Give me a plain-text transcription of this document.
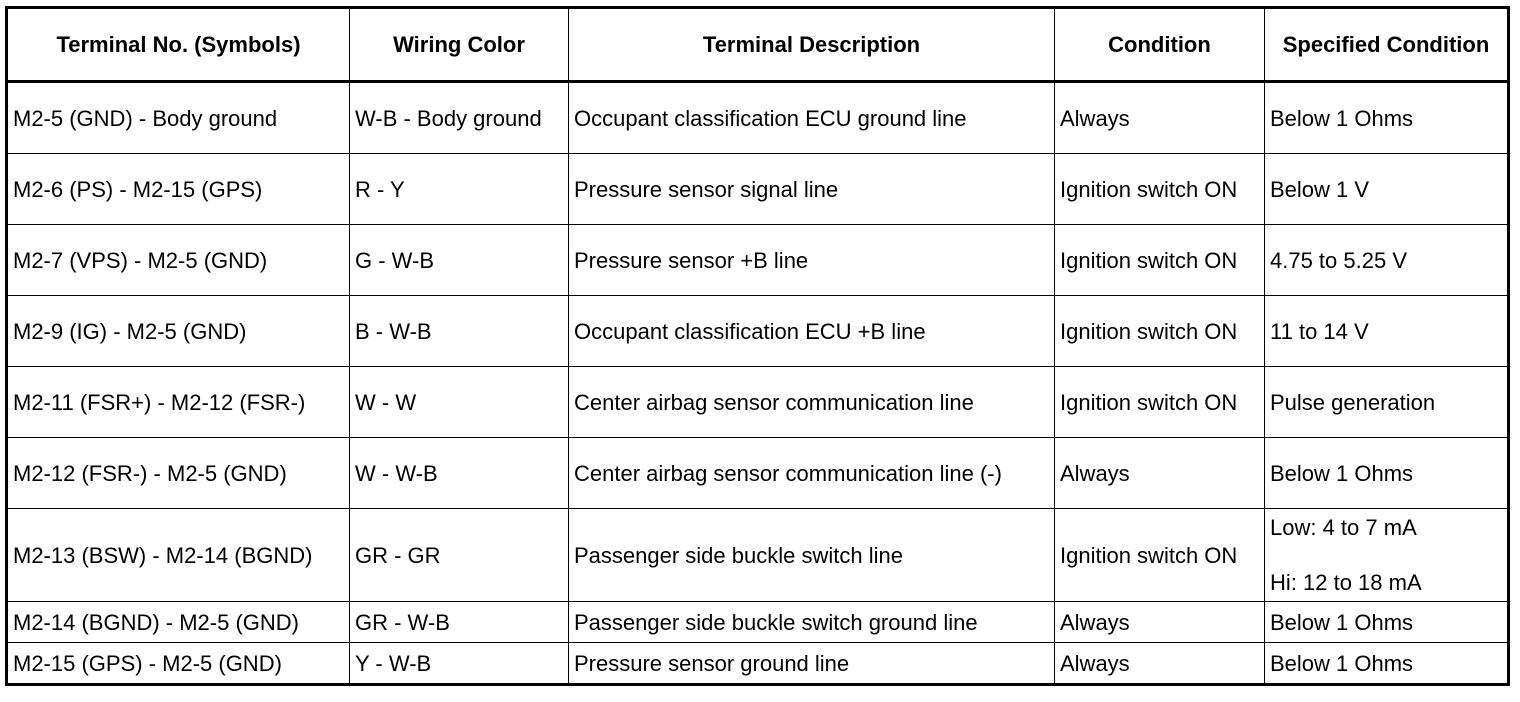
Terminal No. (Symbols)	Wiring Color	Terminal Description	Condition	Specified Condition
M2-5 (GND) - Body ground	W-B - Body ground	Occupant classification ECU ground line	Always	Below 1 Ohms

M2-6 (PS) - M2-15 (GPS)	R - Y	Pressure sensor signal line	Ignition switch ON	Below 1 V

M2-7 (VPS) - M2-5 (GND)	G - W-B	Pressure sensor +B line	Ignition switch ON	4.75 to 5.25 V

M2-9 (IG) - M2-5 (GND)	B - W-B	Occupant classification ECU +B line	Ignition switch ON	11 to 14 V

M2-11 (FSR+) - M2-12 (FSR-)	W - W	Center airbag sensor communication line	Ignition switch ON	Pulse generation

M2-12 (FSR-) - M2-5 (GND)	W - W-B	Center airbag sensor communication line (-)	Always	Below 1 Ohms

M2-13 (BSW) - M2-14 (BGND)	GR - GR	Passenger side buckle switch line	Ignition switch ON	Low: 4 to 7 mA
Hi: 12 to 18 mA

M2-14 (BGND) - M2-5 (GND)	GR - W-B	Passenger side buckle switch ground line	Always	Below 1 Ohms

M2-15 (GPS) - M2-5 (GND)	Y - W-B	Pressure sensor ground line	Always	Below 1 Ohms
